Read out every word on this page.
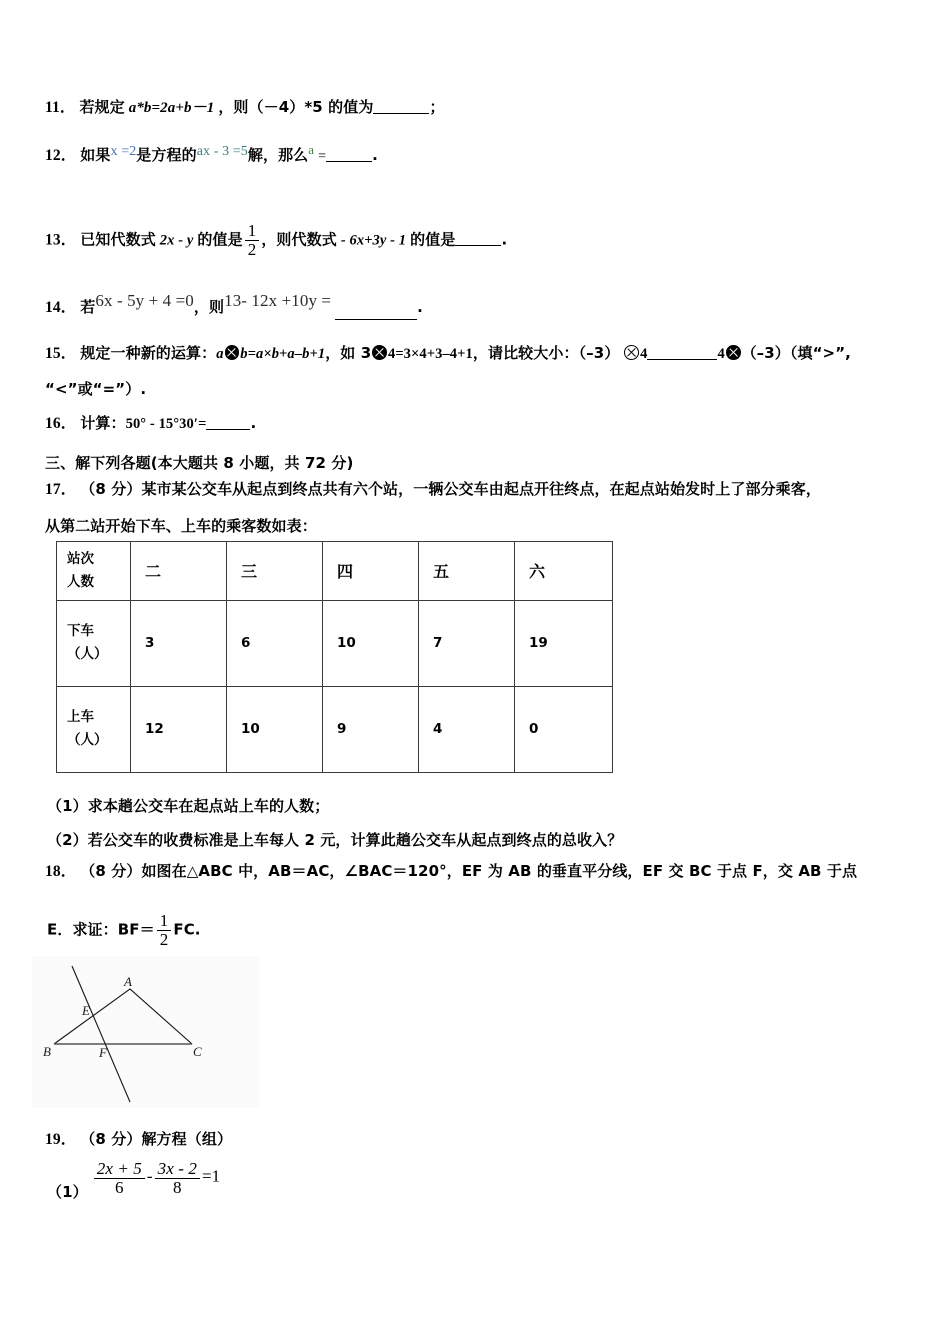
11． 若规定 a*b=2a+b－1 ，则（－4）*5 的值为	；
12． 如果x =2是方程的ax - 3 =5解，那么$^a$ =	.
13． 已知代数式 2x - y 的值是 $\frac{1}{2}$ ，则代数式 - 6x+3y - 1 的值是	.
14． 若6x - 5y + 4 =0，则13- 12x +10y =	.
15． 规定一种新的运算：a b=a×b+a–b+1，如 3 4=3×4+3–4+1，请比较大小：（–3） 4	4 （–3）（填“>”,
“<”或“=”）.
16． 计算：50° - 15°30′=	.
三、解下列各题(本大题共 8 小题，共 72 分)
17． （8 分）某市某公交车从起点到终点共有六个站，一辆公交车由起点开往终点，在起点站始发时上了部分乘客，
从第二站开始下车、上车的乘客数如表：
站次
人数	二	三	四	五	六

下车
（人）	3	6	10	7	19

上车
（人）	12	10	9	4	0
（1）求本趟公交车在起点站上车的人数；
（2）若公交车的收费标准是上车每人 2 元，计算此趟公交车从起点到终点的总收入？
18． （8 分）如图在△ABC 中，AB＝AC，∠BAC＝120°，EF 为 AB 的垂直平分线，EF 交 BC 于点 F，交 AB 于点
E．求证：$BF= \frac{1}{2}$ FC.
A
B	C
E
F
19． （8 分）解方程（组）
$(1) \frac{2x + 5}{6} - \frac{3x - 2}{8} =1$
